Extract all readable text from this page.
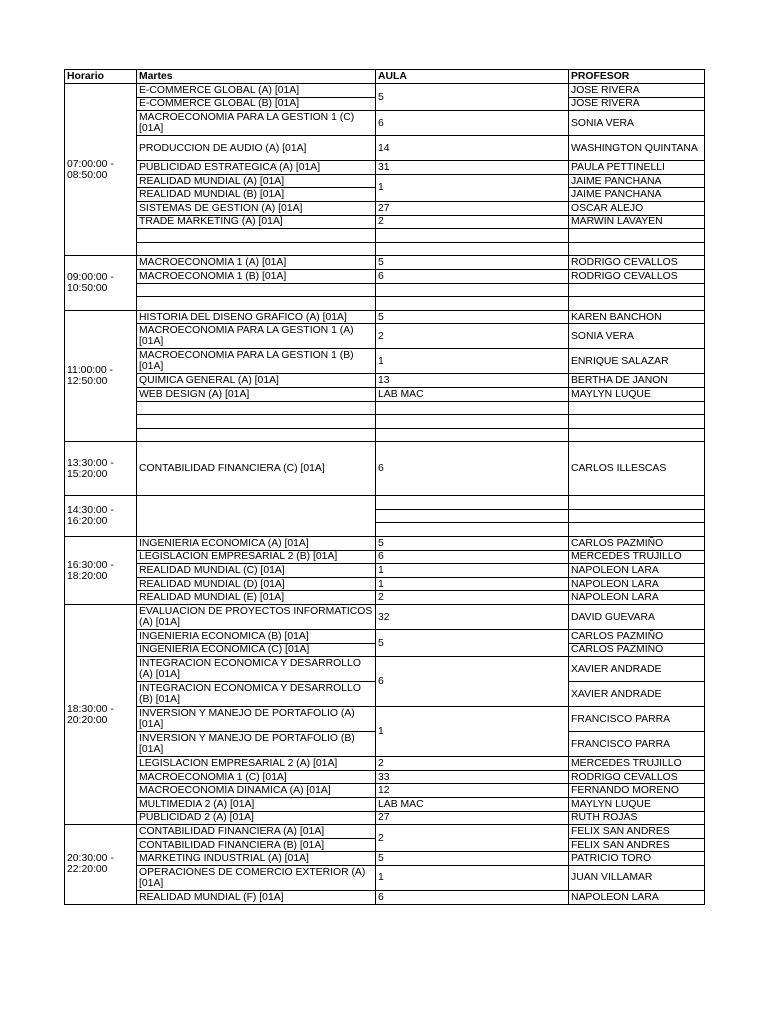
Horario	Martes	AULA	PROFESOR
07:00:00 - 08:50:00	E-COMMERCE GLOBAL (A) [01A]	5	JOSE RIVERA
	E-COMMERCE GLOBAL (B) [01A]		JOSE RIVERA
	MACROECONOMIA PARA LA GESTION 1 (C) [01A]	6	SONIA VERA
	PRODUCCION DE AUDIO (A) [01A]	14	WASHINGTON QUINTANA
	PUBLICIDAD ESTRATEGICA (A) [01A]	31	PAULA PETTINELLI
	REALIDAD MUNDIAL (A) [01A]	1	JAIME PANCHANA
	REALIDAD MUNDIAL (B) [01A]		JAIME PANCHANA
	SISTEMAS DE GESTION (A) [01A]	27	OSCAR ALEJO
	TRADE MARKETING (A) [01A]	2	MARWIN LAVAYEN

09:00:00 - 10:50:00	MACROECONOMIA 1 (A) [01A]	5	RODRIGO CEVALLOS
	MACROECONOMIA 1 (B) [01A]	6	RODRIGO CEVALLOS

11:00:00 - 12:50:00	HISTORIA DEL DISENO GRAFICO (A) [01A]	5	KAREN BANCHON
	MACROECONOMIA PARA LA GESTION 1 (A) [01A]	2	SONIA VERA
	MACROECONOMIA PARA LA GESTION 1 (B) [01A]	1	ENRIQUE SALAZAR
	QUIMICA GENERAL (A) [01A]	13	BERTHA DE JANON
	WEB DESIGN (A) [01A]	LAB MAC	MAYLYN LUQUE

13:30:00 - 15:20:00	CONTABILIDAD FINANCIERA (C) [01A]	6	CARLOS ILLESCAS
14:30:00 - 16:20:00			

16:30:00 - 18:20:00	INGENIERIA ECONOMICA (A) [01A]	5	CARLOS PAZMIÑO
	LEGISLACION EMPRESARIAL 2 (B) [01A]	6	MERCEDES TRUJILLO
	REALIDAD MUNDIAL (C) [01A]	1	NAPOLEON LARA
	REALIDAD MUNDIAL (D) [01A]	1	NAPOLEON LARA
	REALIDAD MUNDIAL (E) [01A]	2	NAPOLEON LARA
18:30:00 - 20:20:00	EVALUACION DE PROYECTOS INFORMATICOS (A) [01A]	32	DAVID GUEVARA
	INGENIERIA ECONOMICA (B) [01A]	5	CARLOS PAZMIÑO
	INGENIERIA ECONOMICA (C) [01A]		CARLOS PAZMIÑO
	INTEGRACION ECONOMICA Y DESARROLLO (A) [01A]	6	XAVIER ANDRADE
	INTEGRACION ECONOMICA Y DESARROLLO (B) [01A]		XAVIER ANDRADE
	INVERSION Y MANEJO DE PORTAFOLIO (A) [01A]	1	FRANCISCO PARRA
	INVERSION Y MANEJO DE PORTAFOLIO (B) [01A]		FRANCISCO PARRA
	LEGISLACION EMPRESARIAL 2 (A) [01A]	2	MERCEDES TRUJILLO
	MACROECONOMIA 1 (C) [01A]	33	RODRIGO CEVALLOS
	MACROECONOMIA DINAMICA (A) [01A]	12	FERNANDO MORENO
	MULTIMEDIA 2 (A) [01A]	LAB MAC	MAYLYN LUQUE
	PUBLICIDAD 2 (A) [01A]	27	RUTH ROJAS
20:30:00 - 22:20:00	CONTABILIDAD FINANCIERA (A) [01A]	2	FELIX SAN ANDRES
	CONTABILIDAD FINANCIERA (B) [01A]		FELIX SAN ANDRES
	MARKETING INDUSTRIAL (A) [01A]	5	PATRICIO TORO
	OPERACIONES DE COMERCIO EXTERIOR (A) [01A]	1	JUAN VILLAMAR
	REALIDAD MUNDIAL (F) [01A]	6	NAPOLEON LARA
